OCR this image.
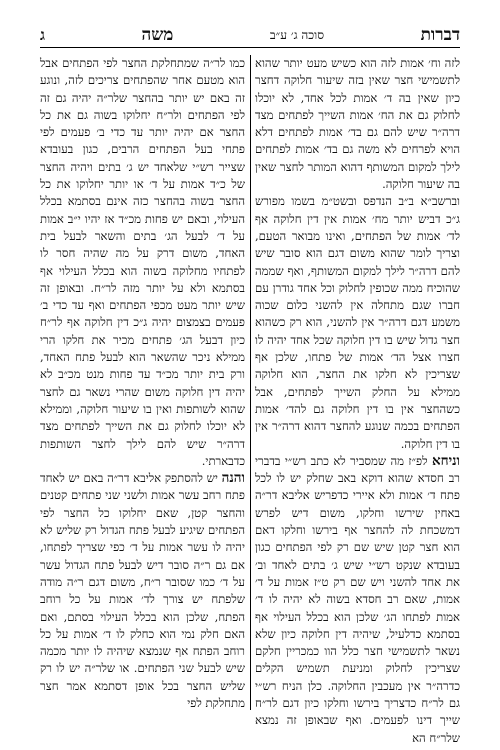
דברות
סוכה ג׳ ע״ב
משה
ג

לזה וח׳ אמות לזה הוא כשיש מעט יותר שהוא לתשמישי חצר שאין בזה שיעור חלוקה דחצר כיון שאין בה ד׳ אמות לכל אחד, לא יוכלו לחלוק גם את הח׳ אמות השייך לפתחים מצד דרה״ר שיש להם גם בד׳ אמות לפתחים דלא הויא לפרחים לא משה גם בד׳ אמות לפתחים לילך למקום המשותף דהוא המותר לחצר שאין בה שיעור חלוקה.

וברשב״א ב״ב הנדפס ובשט״מ בשמו מפורש ג״כ דביש יותר מח׳ אמות אין דין חלוקה אף לד׳ אמות של הפתחים, ואינו מבואר הטעם, וצריך לומר שהוא משום דגם הוא סובר שיש להם דרה״ר לילך למקום המשותף, ואף שממה שהוכיח ממה שכופין לחלוק וכל אחד גודרן עם חברו שגם מתחלה אין להשני כלום שכוה משמע דגם דרה״ר אין להשני, הוא רק כשהוא חצר גדול שיש בו דין חלוקה שכל אחד יהיה לו חצרו אצל הד׳ אמות של פתחו, שלכן אף שצריכין לא חלקו את החצר, הוא חלוקה ממילא על החלק השייך לפתחים, אבל כשהחצר אין בו דין חלוקה גם להד׳ אמות הפתחים בכמה שנוגע להחצר דהוא דרה״ר אין בו דין חלוקה.

וניחא לפ״ז מה שמסביר לא כתב רש״י בדברי רב חסדא שהוא דוקא באב שחלק יש לו לכל פתח ד׳ אמות ולא איירי כדפריש אליבא דר״ה באחין שירשו וחלקו, משום דיש לפרש דמשכחת לה להחצר אף בירשו וחלקו דאם הוא חצר קטן שיש שם רק לפי הפתחים כגון בעובדא שנקט רש״י שיש ג׳ בתים לאחד וב׳ את אחד להשני ויש שם רק ט״ז אמות על ד׳ אמות, שאם רב חסדא בשוה לא יהיה לו ד׳ אמות לפתחו הג׳ שלכן הוא בכלל העילוי אף בסתמא כדלעיל, שיהיה דין חלוקה כיון שלא נשאר לתשמישי חצר כלל הוו כמכריין חלקם שצריכין לחלוק ומניעת תשמיש הקלים כדרה״ר אין מעכבין החלוקה. כלן הניח רש״י גם לר״ח כדצריך בירשו וחלקו כיון דגם לר״ח שייך דינו לפעמים. ואף שבאופן זה נמצא שלר״ח הא

כמו לר״ה שמתחלקת החצר לפי הפתחים אבל הוא מטעם אחר שהפתחים צריכים לזה, ונוגע זה באם יש יותר בהחצר שלר״ה יהיה גם זה לפי הפתחים ולר״ח יחלוקו בשוה גם את כל החצר אם יהיה יותר עד כדי ב׳ פעמים לפי פתחי בעל הפתחים הרבים, כגון בעובדא שצייר רש״י שלאחד יש ג׳ בתים ויהיה החצר של כ״ד אמות על ד׳ או יותר יחלוקו את כל החצר בשוה בהחצר כזה אינם בסתמא בכלל העילוי, ובאם יש פחות מכ״ד אז יהיו י״ב אמות על ד׳ לבעל הג׳ בתים והשאר לבעל בית האחד, משום דרק על מה שהיה חסר לו לפתחיו מחלוקה בשוה הוא בכלל העילוי אף בסתמא ולא על יותר מזה לר״ח. ובאופן זה שיש יותר מעט מכפי הפתחים ואף עד כדי ב׳ פעמים בצמצום יהיה ג״כ דין חלוקה אף לר״ח כיון דבעל הג׳ פתחים מכיר את חלקו הרי ממילא ניכר שהשאר הוא לבעל פתח האחד, ורק בית יותר מכ״ד עד פחות מנט מכ״ב לא יהיה דין חלוקה משום שהרי נשאר גם לחצר שהוא לשותפות ואין בו שיעור חלוקה, וממילא לא יוכלו לחלוק גם את השייך לפתחים מצד דרה״ר שיש להם לילך לחצר השותפות כדבארתי.

והנה יש להסתפק אליבא דר״ה באם יש לאחד פתח רחב עשר אמות ולשני שני פתחים קטנים והחצר קטן, שאם יחלוקו כל החצר לפי הפתחים שיגיע לבעל פתח הגדול רק שליש לא יהיה לו עשר אמות על ד׳ כפי שצריך לפתחו, אם גם ר״ה סובר דיש לבעל פתח הגדול עשר על ד׳ כמו שסובר ר״ח, משום דגם ר״ה מודה שלפתח יש צורך לד׳ אמות על כל רוחב הפתח, שלכן הוא בכלל העילוי בסתם, ואם האם חלק נמי הוא כחלק לו ד׳ אמות על כל רוחב הפתח אף שנמצא שיהיה לו יותר מכמה שיש לבעל שני הפתחים. או שלר״ה יש לו רק שליש החצר בכל אופן דסתמא אמר חצר מתחלקת לפי
